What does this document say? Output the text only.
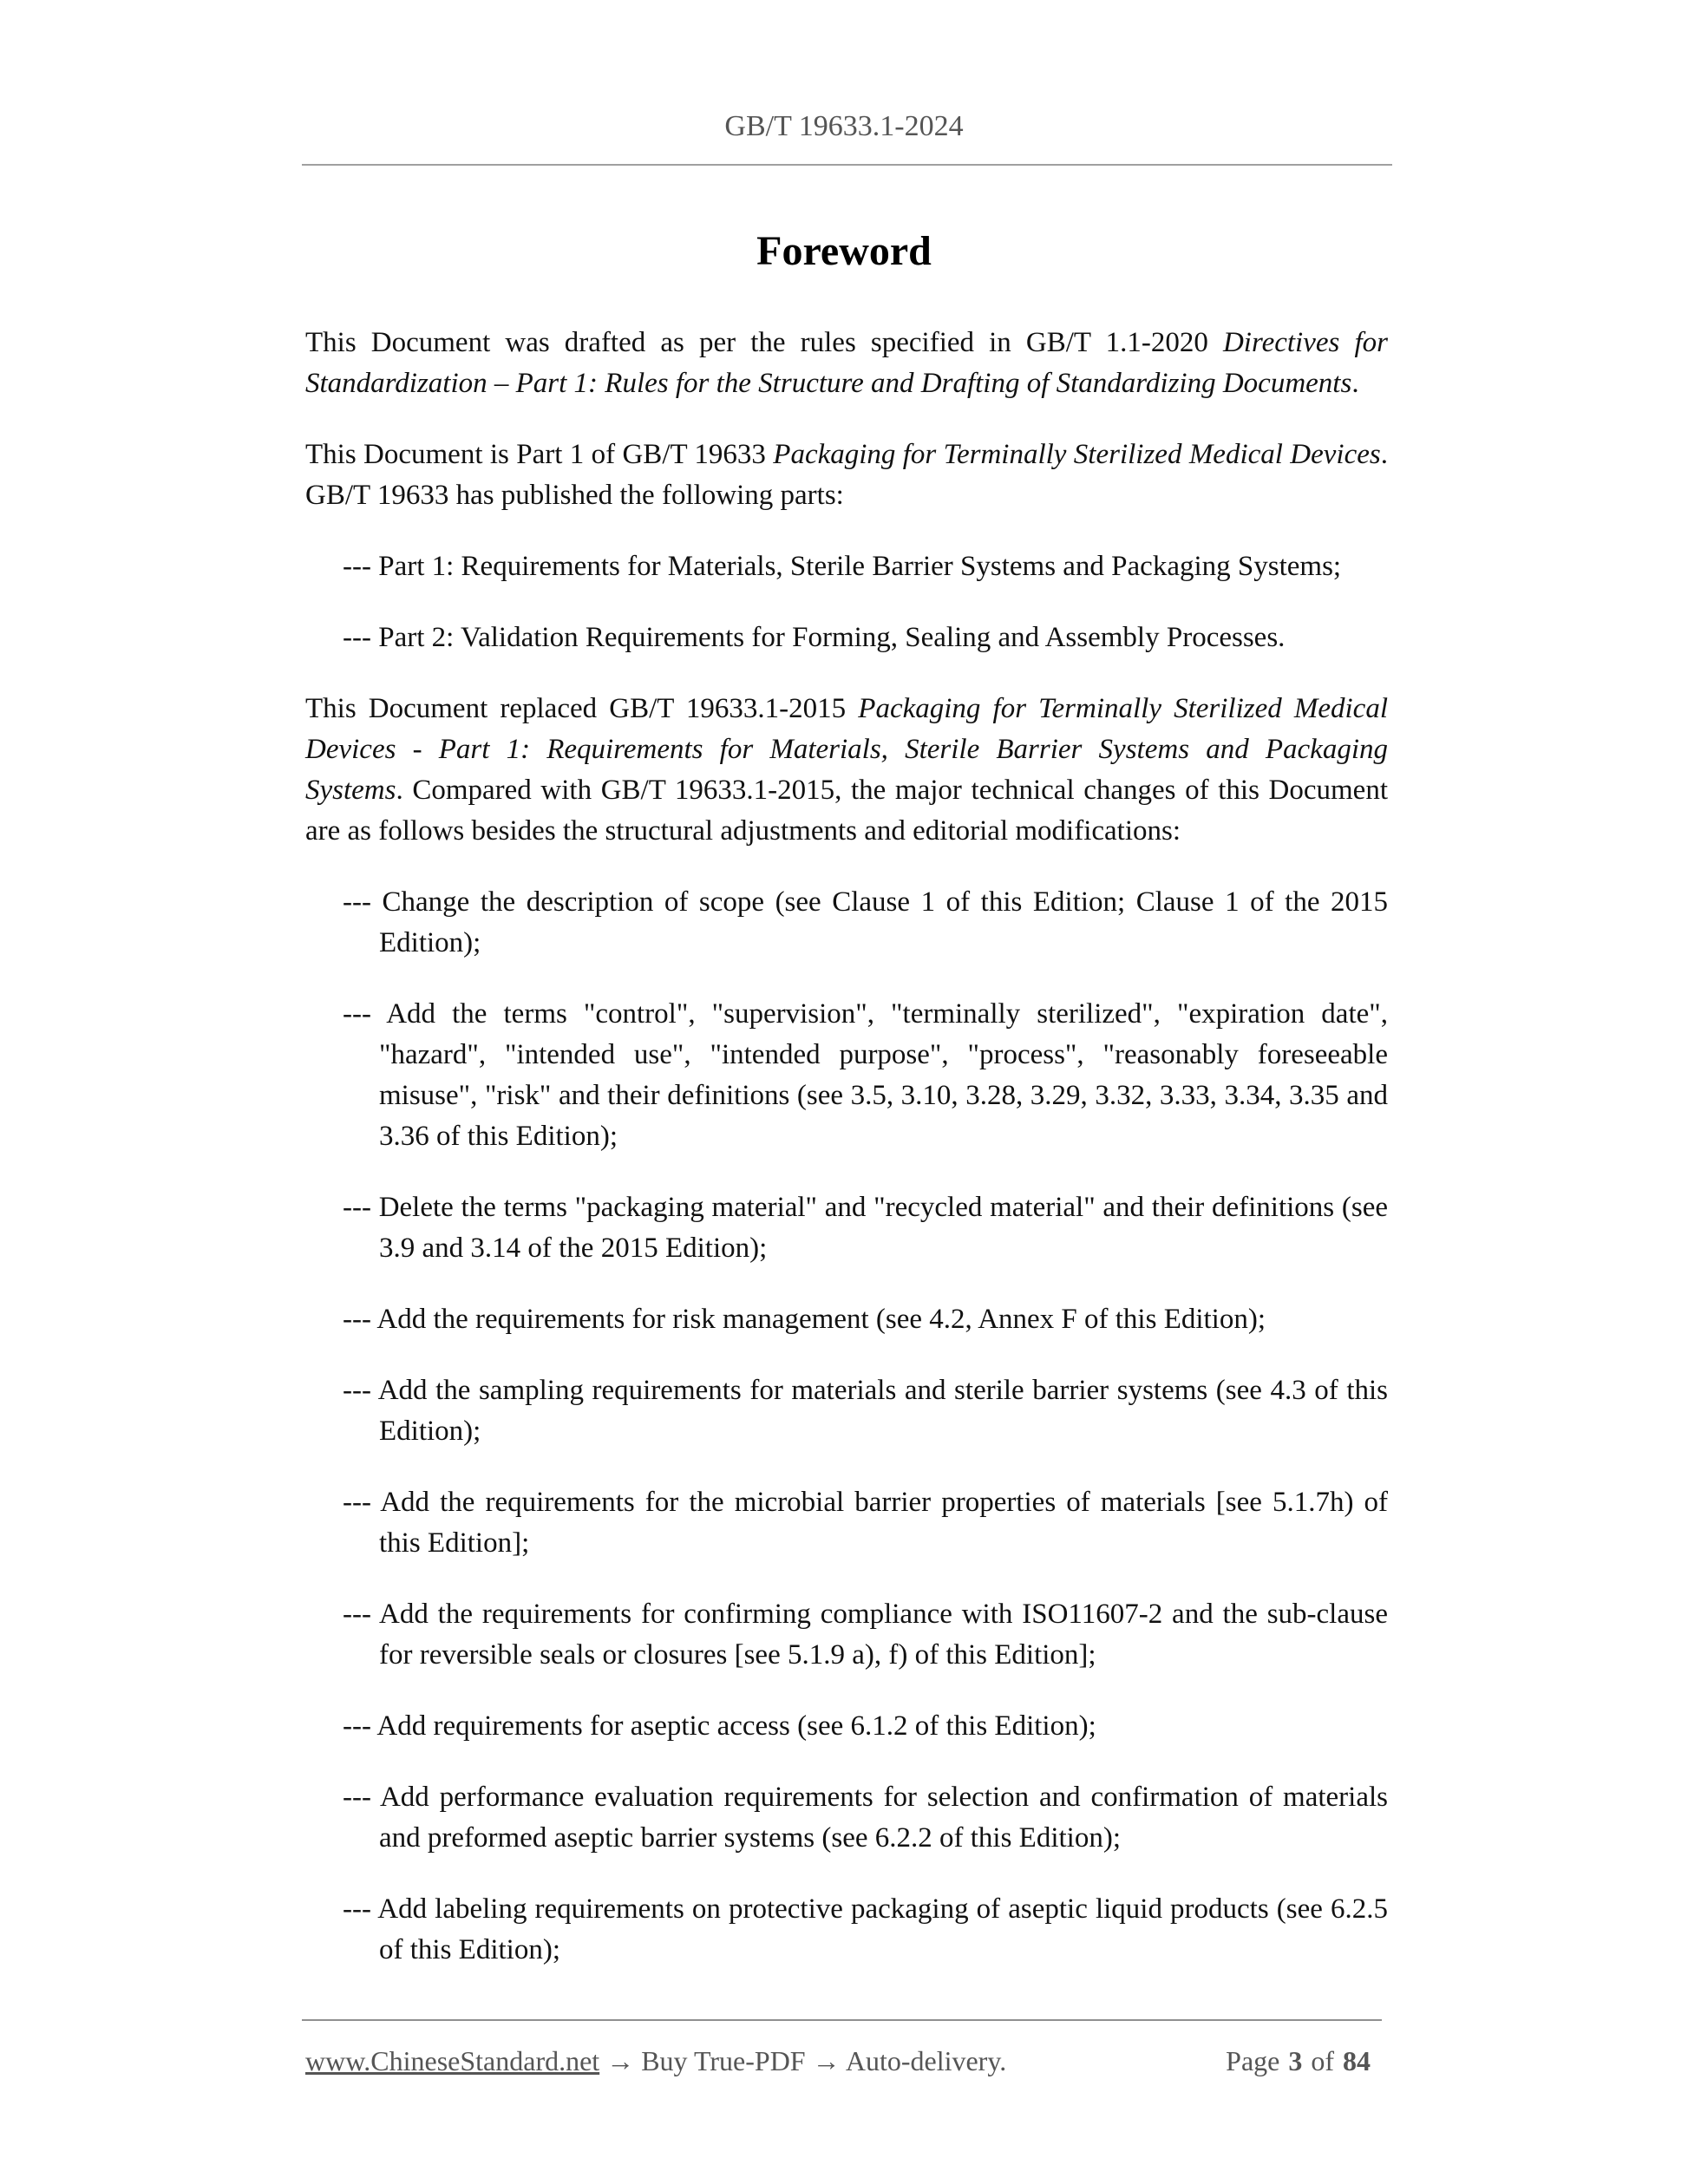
GB/T 19633.1-2024
Foreword

This Document was drafted as per the rules specified in GB/T 1.1-2020 Directives for Standardization – Part 1: Rules for the Structure and Drafting of Standardizing Documents.

This Document is Part 1 of GB/T 19633 Packaging for Terminally Sterilized Medical Devices. GB/T 19633 has published the following parts:

--- Part 1: Requirements for Materials, Sterile Barrier Systems and Packaging Systems;

--- Part 2: Validation Requirements for Forming, Sealing and Assembly Processes.

This Document replaced GB/T 19633.1-2015 Packaging for Terminally Sterilized Medical Devices - Part 1: Requirements for Materials, Sterile Barrier Systems and Packaging Systems. Compared with GB/T 19633.1-2015, the major technical changes of this Document are as follows besides the structural adjustments and editorial modifications:

--- Change the description of scope (see Clause 1 of this Edition; Clause 1 of the 2015 Edition);

--- Add the terms "control", "supervision", "terminally sterilized", "expiration date", "hazard", "intended use", "intended purpose", "process", "reasonably foreseeable misuse", "risk" and their definitions (see 3.5, 3.10, 3.28, 3.29, 3.32, 3.33, 3.34, 3.35 and 3.36 of this Edition);

--- Delete the terms "packaging material" and "recycled material" and their definitions (see 3.9 and 3.14 of the 2015 Edition);

--- Add the requirements for risk management (see 4.2, Annex F of this Edition);

--- Add the sampling requirements for materials and sterile barrier systems (see 4.3 of this Edition);

--- Add the requirements for the microbial barrier properties of materials [see 5.1.7h) of this Edition];

--- Add the requirements for confirming compliance with ISO11607-2 and the sub-clause for reversible seals or closures [see 5.1.9 a), f) of this Edition];

--- Add requirements for aseptic access (see 6.1.2 of this Edition);

--- Add performance evaluation requirements for selection and confirmation of materials and preformed aseptic barrier systems (see 6.2.2 of this Edition);

--- Add labeling requirements on protective packaging of aseptic liquid products (see 6.2.5 of this Edition);

www.ChineseStandard.net → Buy True-PDF → Auto-delivery.	Page 3 of 84
